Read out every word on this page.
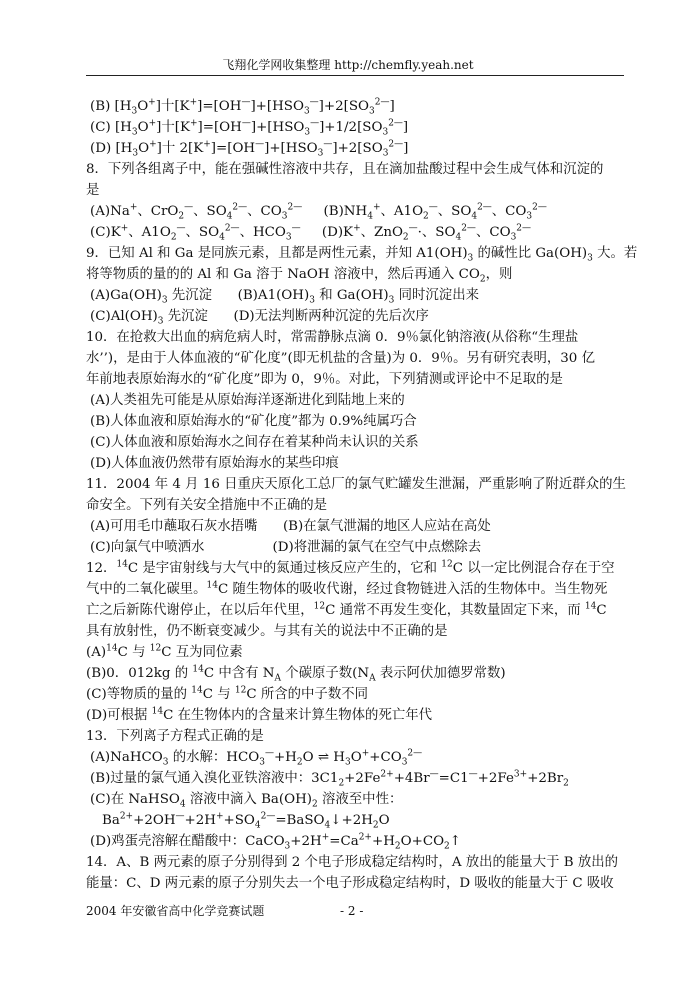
飞翔化学网收集整理 http://chemfly.yeah.net
(B) $[H_3O^+]$十$[K^+]=[OH^—]+[HSO_3^—]+2[SO_3^{2—}]$
(C) $[H_3O^+]$十$[K^+]=[OH^—]+[HSO_3^—]+1/2[SO_3^{2—}]$
(D) $[H_3O^+]$十 $2[K^+]=[OH^—]+[HSO_3^—]+2[SO_3^{2—}]$
8．下列各组离子中，能在强碱性溶液中共存，且在滴加盐酸过程中会生成气体和沉淀的
是
(A)Na+、CrO$_2$—、$SO_4^{2—}$、$CO_3^{2—}$     $(B)NH_4^+$、$A1O_2^—$、$SO_4^{2—}$、$CO_3^{2—}$
(C)K+、$A1O_2^—$、$SO_4^{2—}$、$HCO_3^—$     (D)K+、ZnO$_2$—·、$SO_4^{2—}$、$CO_3^{2—}$
9．已知 Al 和 Ga 是同族元素，且都是两性元素，并知 $A1(OH)_3$ 的碱性比 $Ga(OH)_3$ 大。若
将等物质的量的的 Al 和 Ga 溶于 NaOH 溶液中，然后再通入 $CO_2$，则
$(A)Ga(OH)_3$ 先沉淀      $(B)A1(OH)_3$ 和 $Ga(OH)_3$ 同时沉淀出来
$(C)Al(OH)_3$ 先沉淀      (D)无法判断两种沉淀的先后次序
10．在抢救大出血的病危病人时，常需静脉点滴 0．9％氯化钠溶液(从俗称“生理盐
水’’)，是由于人体血液的“矿化度”(即无机盐的含量)为 0．9％。另有研究表明，30 亿
年前地表原始海水的“矿化度”即为 0，9％。对此，下列猜测或评论中不足取的是
(A)人类祖先可能是从原始海洋逐渐进化到陆地上来的
(B)人体血液和原始海水的“矿化度”都为 0.9%纯属巧合
(C)人体血液和原始海水之间存在着某种尚未认识的关系
(D)人体血液仍然带有原始海水的某些印痕
11．2004 年 4 月 16 日重庆天原化工总厂的氯气贮罐发生泄漏，严重影响了附近群众的生
命安全。下列有关安全措施中不正确的是
(A)可用毛巾蘸取石灰水捂嘴      (B)在氯气泄漏的地区人应站在高处
(C)向氯气中喷洒水                (D)将泄漏的氯气在空气中点燃除去
12．$^{14}$C 是宇宙射线与大气中的氮通过核反应产生的，它和 $^{12}$C 以一定比例混合存在于空
气中的二氧化碳里。$^{14}$C 随生物体的吸收代谢，经过食物链进入活的生物体中。当生物死
亡之后新陈代谢停止，在以后年代里，$^{12}$C 通常不再发生变化，其数量固定下来，而 $^{14}$C
具有放射性，仍不断衰变减少。与其有关的说法中不正确的是
$(A)^{14}C$ 与 $^{12}$C 互为同位素
(B)0．012kg 的 $^{14}$C 中含有 $N_A$ 个碳原子数($N_A$ 表示阿伏加德罗常数)
(C)等物质的量的 $^{14}$C 与 $^{12}$C 所含的中子数不同
(D)可根据 $^{14}$C 在生物体内的含量来计算生物体的死亡年代
13．下列离子方程式正确的是
(A)NaHCO$_3$ 的水解：$HCO_3^—+H_2O$ ⇌ $H_3O^++CO_3^{2—}$
(B)过量的氯气通入溴化亚铁溶液中：$3C1_2+2Fe^{2+}+4Br^—=C1^—+2Fe^{3+}+2Br_2$
(C)在 NaHSO$_4$ 溶液中滴入 $Ba(OH)_2$ 溶液至中性：
$Ba^{2+}+2OH^—+2H^++SO_4^{2—}=BaSO_4↓+2H_2O$
(D)鸡蛋壳溶解在醋酸中：$CaCO_3+2H^+=Ca^{2+}+H_2O+CO_2↑$
14．A、B 两元素的原子分别得到 2 个电子形成稳定结构时，A 放出的能量大于 B 放出的
能量：C、D 两元素的原子分别失去一个电子形成稳定结构时，D 吸收的能量大于 C 吸收
2004 年安徽省高中化学竞赛试题	- 2 -
